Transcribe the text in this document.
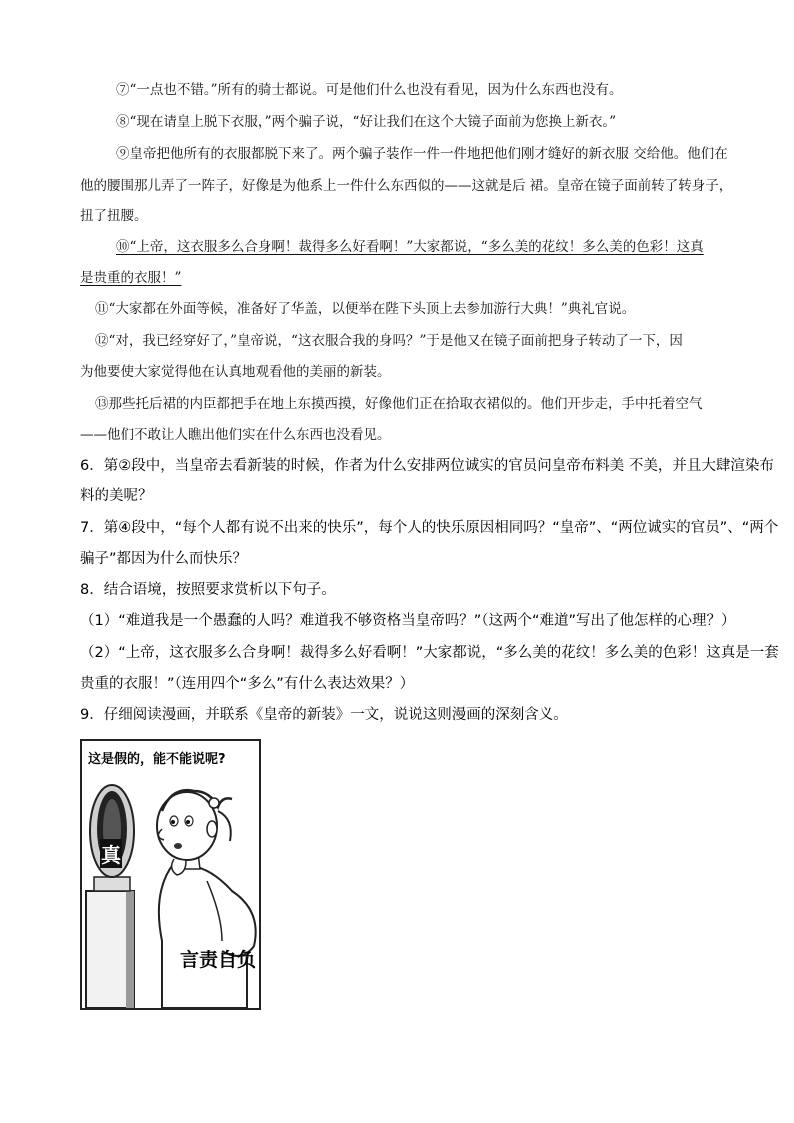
⑦“一点也不错。”所有的骑士都说。可是他们什么也没有看见，因为什么东西也没有。
⑧“现在请皇上脱下衣服，”两个骗子说，“好让我们在这个大镜子面前为您换上新衣。”
⑨皇帝把他所有的衣服都脱下来了。两个骗子装作一件一件地把他们刚才缝好的新衣服 交给他。他们在
他的腰围那儿弄了一阵子，好像是为他系上一件什么东西似的——这就是后 裙。皇帝在镜子面前转了转身子，
扭了扭腰。
⑩“上帝，这衣服多么合身啊！裁得多么好看啊！”大家都说，“多么美的花纹！多么美的色彩！这真
是贵重的衣服！”
⑪“大家都在外面等候，准备好了华盖，以便举在陛下头顶上去参加游行大典！”典礼官说。
⑫“对，我已经穿好了，”皇帝说，“这衣服合我的身吗？”于是他又在镜子面前把身子转动了一下，因
为他要使大家觉得他在认真地观看他的美丽的新装。
⑬那些托后裙的内臣都把手在地上东摸西摸，好像他们正在拾取衣裙似的。他们开步走，手中托着空气
——他们不敢让人瞧出他们实在什么东西也没看见。
6．第②段中，当皇帝去看新装的时候，作者为什么安排两位诚实的官员问皇帝布料美 不美，并且大肆渲染布
料的美呢？
7．第④段中，“每个人都有说不出来的快乐”，每个人的快乐原因相同吗？“皇帝”、“两位诚实的官员”、“两个
骗子”都因为什么而快乐？
8．结合语境，按照要求赏析以下句子。
（1）“难道我是一个愚蠢的人吗？难道我不够资格当皇帝吗？”（这两个“难道”写出了他怎样的心理？）
（2）“上帝，这衣服多么合身啊！裁得多么好看啊！”大家都说，“多么美的花纹！多么美的色彩！这真是一套
贵重的衣服！”（连用四个“多么”有什么表达效果？）
9．仔细阅读漫画，并联系《皇帝的新装》一文，说说这则漫画的深刻含义。
这是假的，能不能说呢?
真
言责自负
